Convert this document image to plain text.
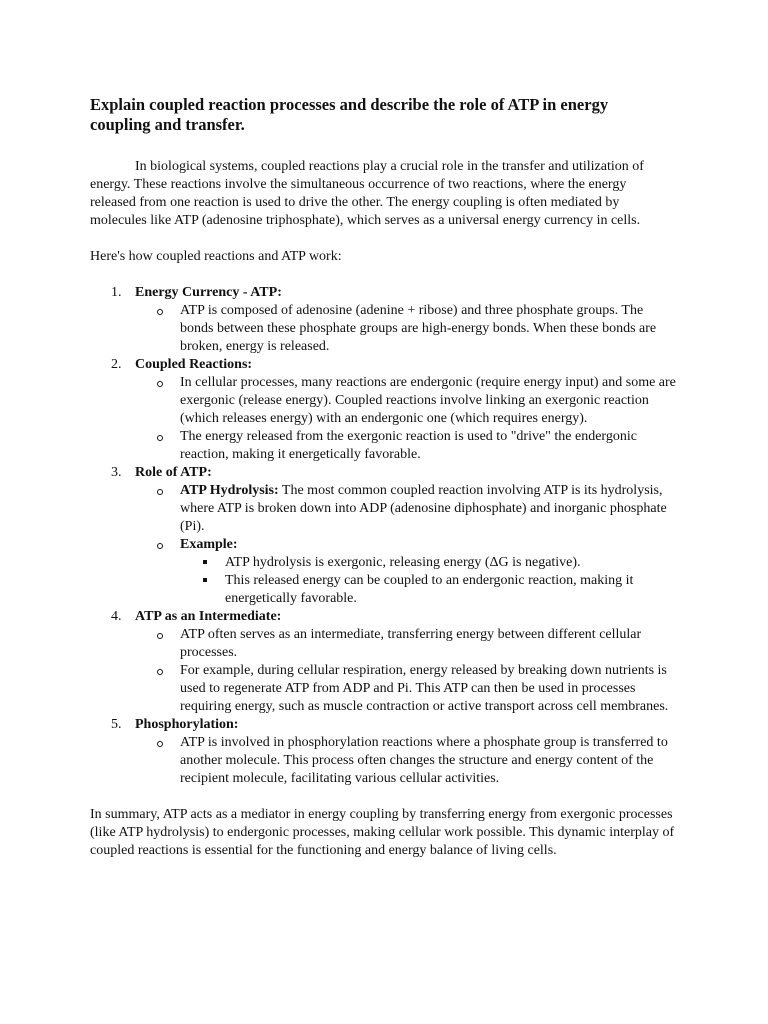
Explain coupled reaction processes and describe the role of ATP in energy coupling and transfer.

In biological systems, coupled reactions play a crucial role in the transfer and utilization of energy. These reactions involve the simultaneous occurrence of two reactions, where the energy released from one reaction is used to drive the other. The energy coupling is often mediated by molecules like ATP (adenosine triphosphate), which serves as a universal energy currency in cells.

Here's how coupled reactions and ATP work:

1. Energy Currency - ATP:
ATP is composed of adenosine (adenine + ribose) and three phosphate groups. The bonds between these phosphate groups are high-energy bonds. When these bonds are broken, energy is released.
2. Coupled Reactions:
In cellular processes, many reactions are endergonic (require energy input) and some are exergonic (release energy). Coupled reactions involve linking an exergonic reaction (which releases energy) with an endergonic one (which requires energy).
The energy released from the exergonic reaction is used to "drive" the endergonic reaction, making it energetically favorable.
3. Role of ATP:
ATP Hydrolysis: The most common coupled reaction involving ATP is its hydrolysis, where ATP is broken down into ADP (adenosine diphosphate) and inorganic phosphate (Pi).
Example:
ATP hydrolysis is exergonic, releasing energy (ΔG is negative).
This released energy can be coupled to an endergonic reaction, making it energetically favorable.
4. ATP as an Intermediate:
ATP often serves as an intermediate, transferring energy between different cellular processes.
For example, during cellular respiration, energy released by breaking down nutrients is used to regenerate ATP from ADP and Pi. This ATP can then be used in processes requiring energy, such as muscle contraction or active transport across cell membranes.
5. Phosphorylation:
ATP is involved in phosphorylation reactions where a phosphate group is transferred to another molecule. This process often changes the structure and energy content of the recipient molecule, facilitating various cellular activities.

In summary, ATP acts as a mediator in energy coupling by transferring energy from exergonic processes (like ATP hydrolysis) to endergonic processes, making cellular work possible. This dynamic interplay of coupled reactions is essential for the functioning and energy balance of living cells.
